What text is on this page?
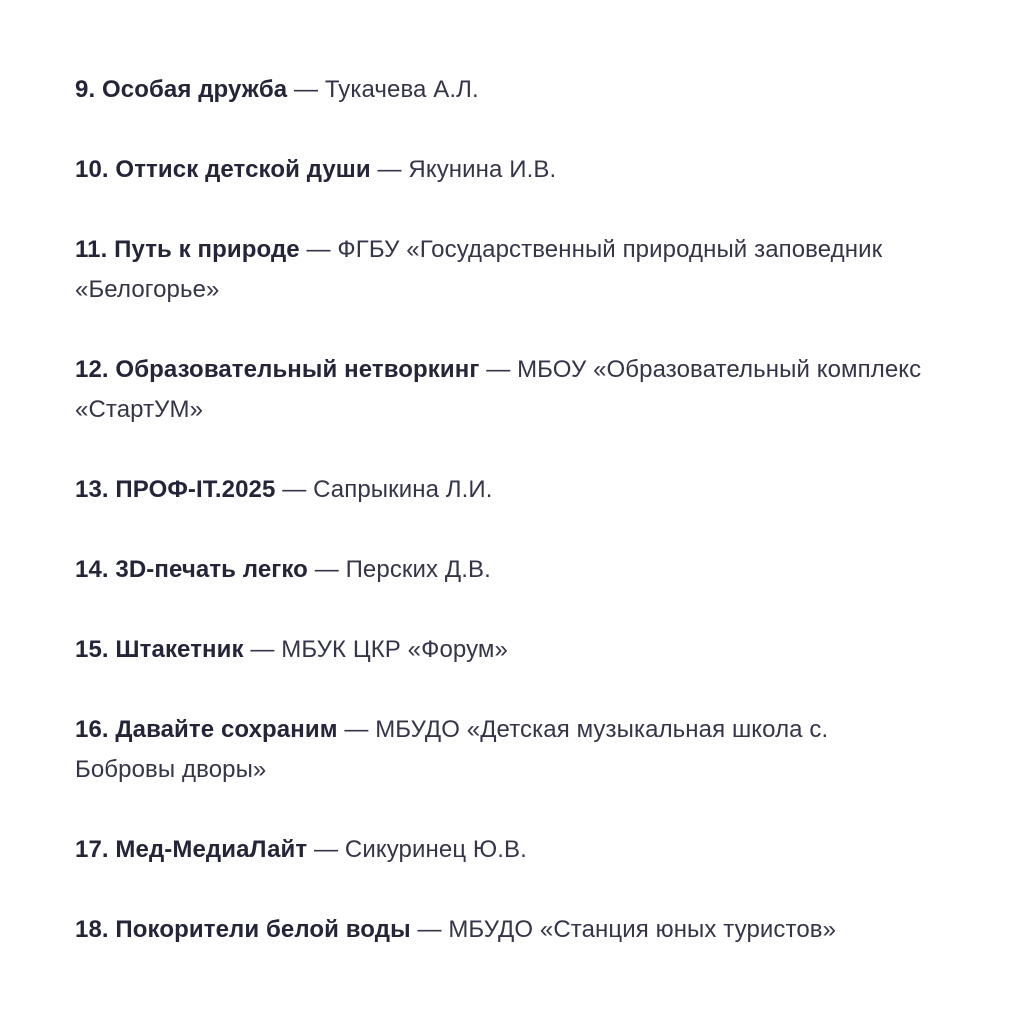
9. Особая дружба — Тукачева А.Л.
10. Оттиск детской души — Якунина И.В.
11. Путь к природе — ФГБУ «Государственный природный заповедник «Белогорье»
12. Образовательный нетворкинг — МБОУ «Образовательный комплекс «СтартУМ»
13. ПРОФ-IT.2025 — Сапрыкина Л.И.
14. 3D-печать легко — Перских Д.В.
15. Штакетник — МБУК ЦКР «Форум»
16. Давайте сохраним — МБУДО «Детская музыкальная школа с. Бобровы дворы»
17. Мед-МедиаЛайт — Сикуринец Ю.В.
18. Покорители белой воды — МБУДО «Станция юных туристов»
